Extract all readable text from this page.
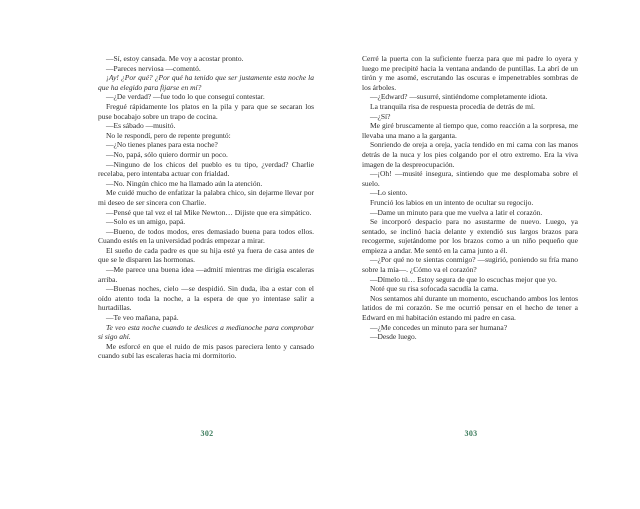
—Sí, estoy cansada. Me voy a acostar pronto.

—Pareces nerviosa —comentó.

¡Ay! ¿Por qué? ¿Por qué ha tenido que ser justamente esta noche la que ha elegido para fijarse en mí?

—¿De verdad? —fue todo lo que conseguí contestar.

Fregué rápidamente los platos en la pila y para que se secaran los puse bocabajo sobre un trapo de cocina.

—Es sábado —musitó.

No le respondí, pero de repente preguntó:

—¿No tienes planes para esta noche?

—No, papá, sólo quiero dormir un poco.

—Ninguno de los chicos del pueblo es tu tipo, ¿verdad? Charlie recelaba, pero intentaba actuar con frialdad.

—No. Ningún chico me ha llamado aún la atención.

Me cuidé mucho de enfatizar la palabra chico, sin dejarme llevar por mi deseo de ser sincera con Charlie.

—Pensé que tal vez el tal Mike Newton… Dijiste que era simpático.

—Solo es un amigo, papá.

—Bueno, de todos modos, eres demasiado buena para todos ellos. Cuando estés en la universidad podrás empezar a mirar.

El sueño de cada padre es que su hija esté ya fuera de casa antes de que se le disparen las hormonas.

—Me parece una buena idea —admití mientras me dirigía escaleras arriba.

—Buenas noches, cielo —se despidió. Sin duda, iba a estar con el oído atento toda la noche, a la espera de que yo intentase salir a hurtadillas.

—Te veo mañana, papá.

Te veo esta noche cuando te deslices a medianoche para comprobar si sigo ahí.

Me esforcé en que el ruido de mis pasos pareciera lento y cansado cuando subí las escaleras hacia mi dormitorio.

Cerré la puerta con la suficiente fuerza para que mi padre lo oyera y luego me precipité hacia la ventana andando de puntillas. La abrí de un tirón y me asomé, escrutando las oscuras e impenetrables sombras de los árboles.

—¿Edward? —susurré, sintiéndome completamente idiota.

La tranquila risa de respuesta procedía de detrás de mí.

—¿Sí?

Me giré bruscamente al tiempo que, como reacción a la sorpresa, me llevaba una mano a la garganta.

Sonriendo de oreja a oreja, yacía tendido en mi cama con las manos detrás de la nuca y los pies colgando por el otro extremo. Era la viva imagen de la despreocupación.

—¡Oh! —musité insegura, sintiendo que me desplomaba sobre el suelo.

—Lo siento.

Frunció los labios en un intento de ocultar su regocijo.

—Dame un minuto para que me vuelva a latir el corazón.

Se incorporó despacio para no asustarme de nuevo. Luego, ya sentado, se inclinó hacia delante y extendió sus largos brazos para recogerme, sujetándome por los brazos como a un niño pequeño que empieza a andar. Me sentó en la cama junto a él.

—¿Por qué no te sientas conmigo? —sugirió, poniendo su fría mano sobre la mía—. ¿Cómo va el corazón?

—Dímelo tú… Estoy segura de que lo escuchas mejor que yo.

Noté que su risa sofocada sacudía la cama.

Nos sentamos ahí durante un momento, escuchando ambos los lentos latidos de mi corazón. Se me ocurrió pensar en el hecho de tener a Edward en mi habitación estando mi padre en casa.

—¿Me concedes un minuto para ser humana?

—Desde luego.

302	303
